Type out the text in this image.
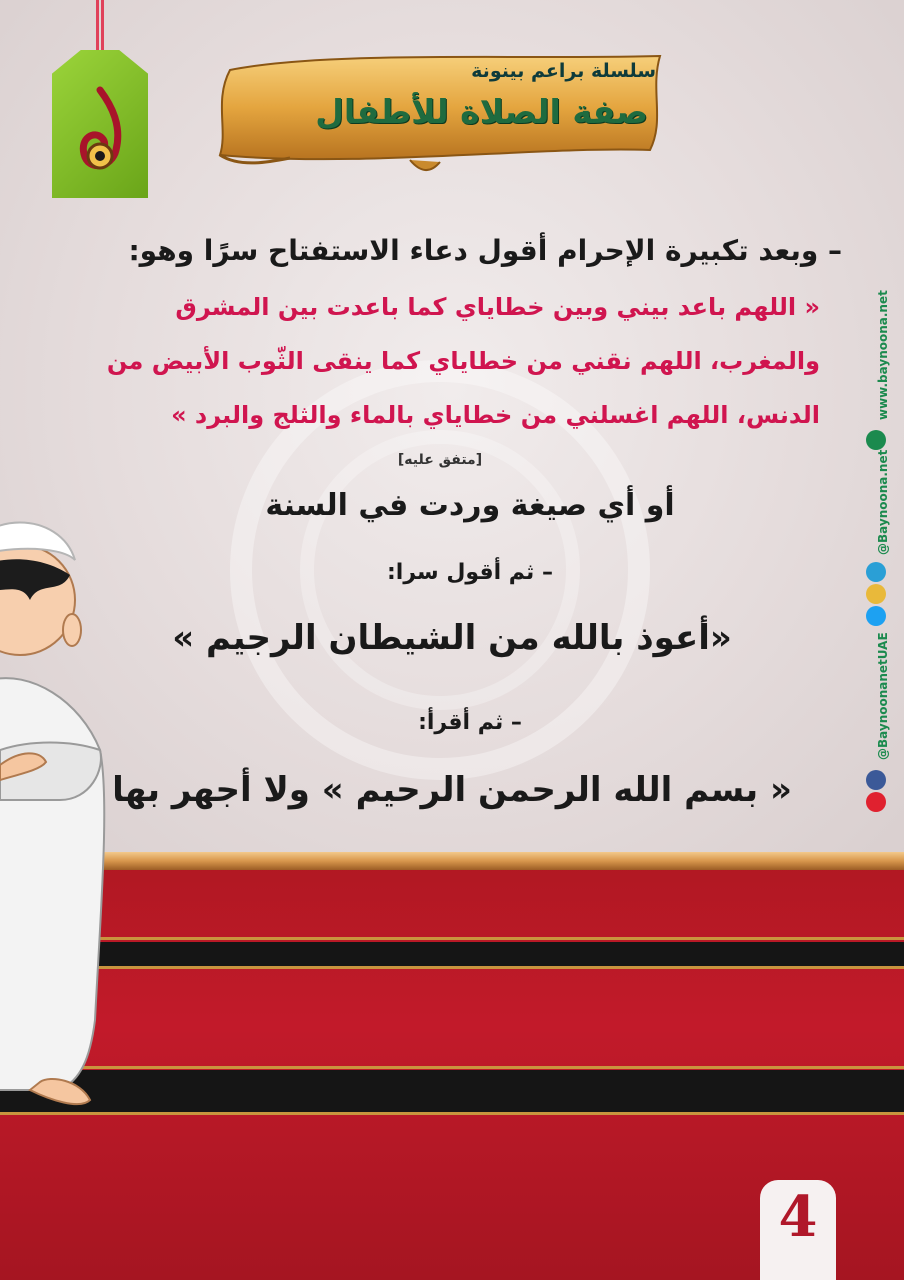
سلسلة براعم بينونة
صفة الصلاة للأطفال
www.baynoona.net
@Baynoona.net
@BaynoonanetUAE
– وبعد تكبيرة الإحرام أقول دعاء الاستفتاح سرًا وهو:
« اللهم باعد بيني وبين خطاياي كما باعدت بين المشرق
والمغرب، اللهم نقني من خطاياي كما ينقى الثّوب الأبيض من
الدنس، اللهم اغسلني من خطاياي بالماء والثلج والبرد »
[متفق عليه]
أو أي صيغة وردت في السنة
– ثم أقول سرا:
«أعوذ بالله من الشيطان الرجيم »
– ثم أقرأ:
« بسم الله الرحمن الرحيم » ولا أجهر بها
4
